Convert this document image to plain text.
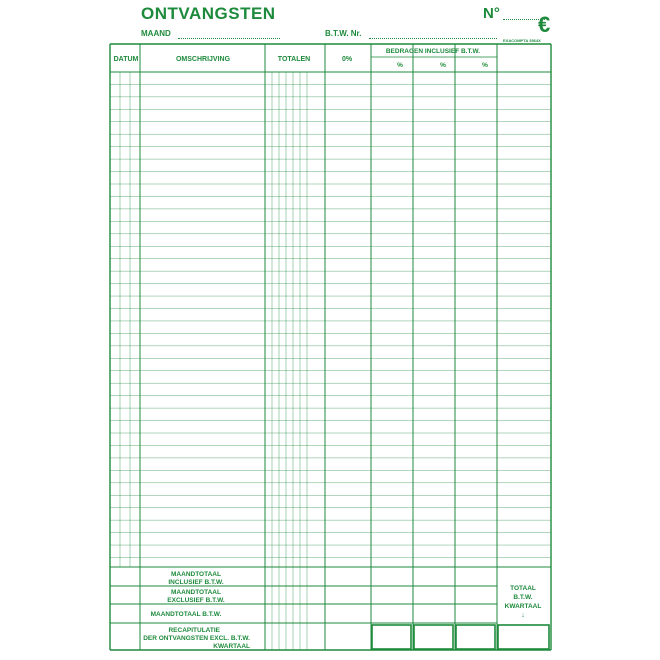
ONTVANGSTEN	N° €
MAAND	B.T.W. Nr.
EXACOMPTA 3564X
DATUM	OMSCHRIJVING	TOTALEN	0%
BEDRAGEN INCLUSIEF B.T.W.
%	%	%
MAANDTOTAAL
INCLUSIEF B.T.W.
MAANDTOTAAL
EXCLUSIEF B.T.W.
MAANDTOTAAL B.T.W.
RECAPITULATIE
DER ONTVANGSTEN EXCL. B.T.W.
KWARTAAL
TOTAAL
B.T.W.
KWARTAAL
↓
